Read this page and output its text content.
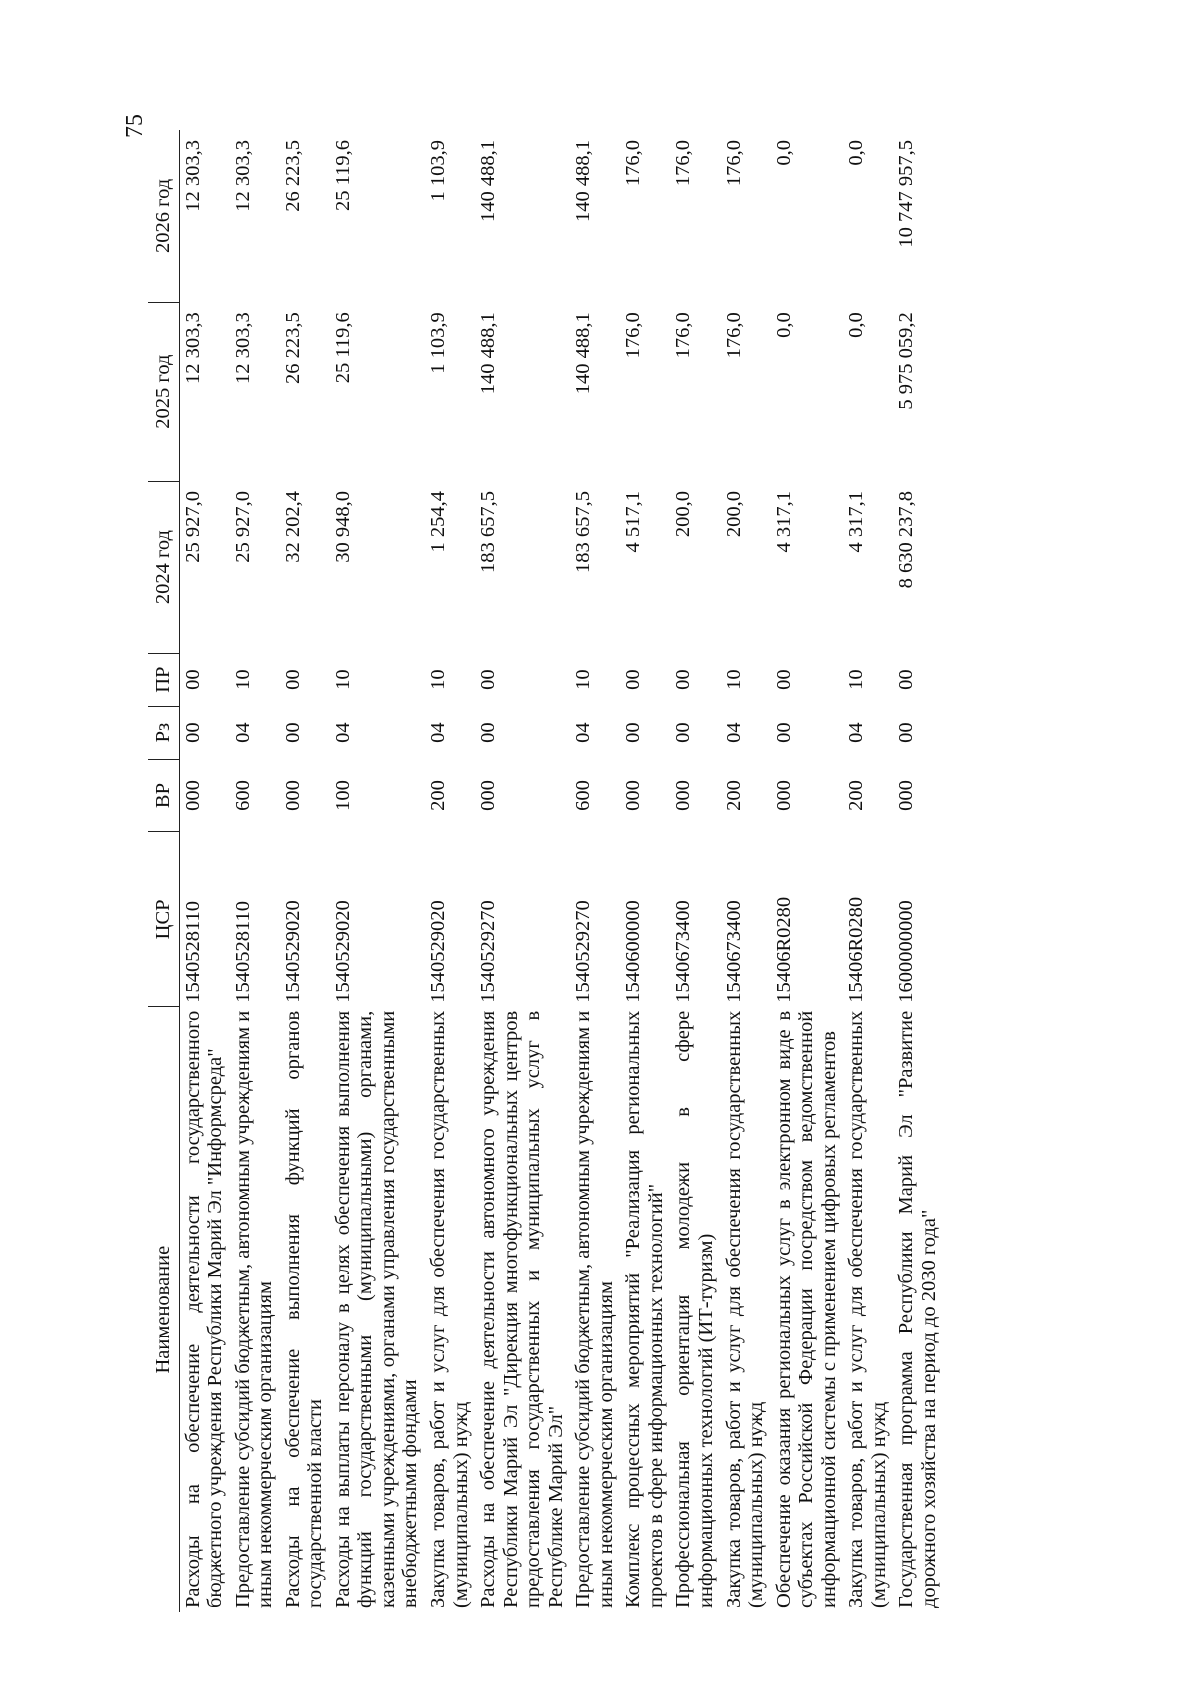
75
Наименование	ЦСР	ВР	Рз	ПР	2024 год	2025 год	2026 год
Расходы на обеспечение деятельности государственного бюджетного учреждения Республики Марий Эл "Информсреда"	1540528110	000	00	00	25 927,0	12 303,3	12 303,3
Предоставление субсидий бюджетным, автономным учреждениям и иным некоммерческим организациям	1540528110	600	04	10	25 927,0	12 303,3	12 303,3
Расходы на обеспечение выполнения функций органов государственной власти	1540529020	000	00	00	32 202,4	26 223,5	26 223,5
Расходы на выплаты персоналу в целях обеспечения выполнения функций государственными (муниципальными) органами, казенными учреждениями, органами управления государственными внебюджетными фондами	1540529020	100	04	10	30 948,0	25 119,6	25 119,6
Закупка товаров, работ и услуг для обеспечения государственных (муниципальных) нужд	1540529020	200	04	10	1 254,4	1 103,9	1 103,9
Расходы на обеспечение деятельности автономного учреждения Республики Марий Эл "Дирекция многофункциональных центров предоставления государственных и муниципальных услуг в Республике Марий Эл"	1540529270	000	00	00	183 657,5	140 488,1	140 488,1
Предоставление субсидий бюджетным, автономным учреждениям и иным некоммерческим организациям	1540529270	600	04	10	183 657,5	140 488,1	140 488,1
Комплекс процессных мероприятий "Реализация региональных проектов в сфере информационных технологий"	1540600000	000	00	00	4 517,1	176,0	176,0
Профессиональная ориентация молодежи в сфере информационных технологий (ИТ-туризм)	1540673400	000	00	00	200,0	176,0	176,0
Закупка товаров, работ и услуг для обеспечения государственных (муниципальных) нужд	1540673400	200	04	10	200,0	176,0	176,0
Обеспечение оказания региональных услуг в электронном виде в субъектах Российской Федерации посредством ведомственной информационной системы с применением цифровых регламентов	15406R0280	000	00	00	4 317,1	0,0	0,0
Закупка товаров, работ и услуг для обеспечения государственных (муниципальных) нужд	15406R0280	200	04	10	4 317,1	0,0	0,0
Государственная программа Республики Марий Эл "Развитие дорожного хозяйства на период до 2030 года"	1600000000	000	00	00	8 630 237,8	5 975 059,2	10 747 957,5
